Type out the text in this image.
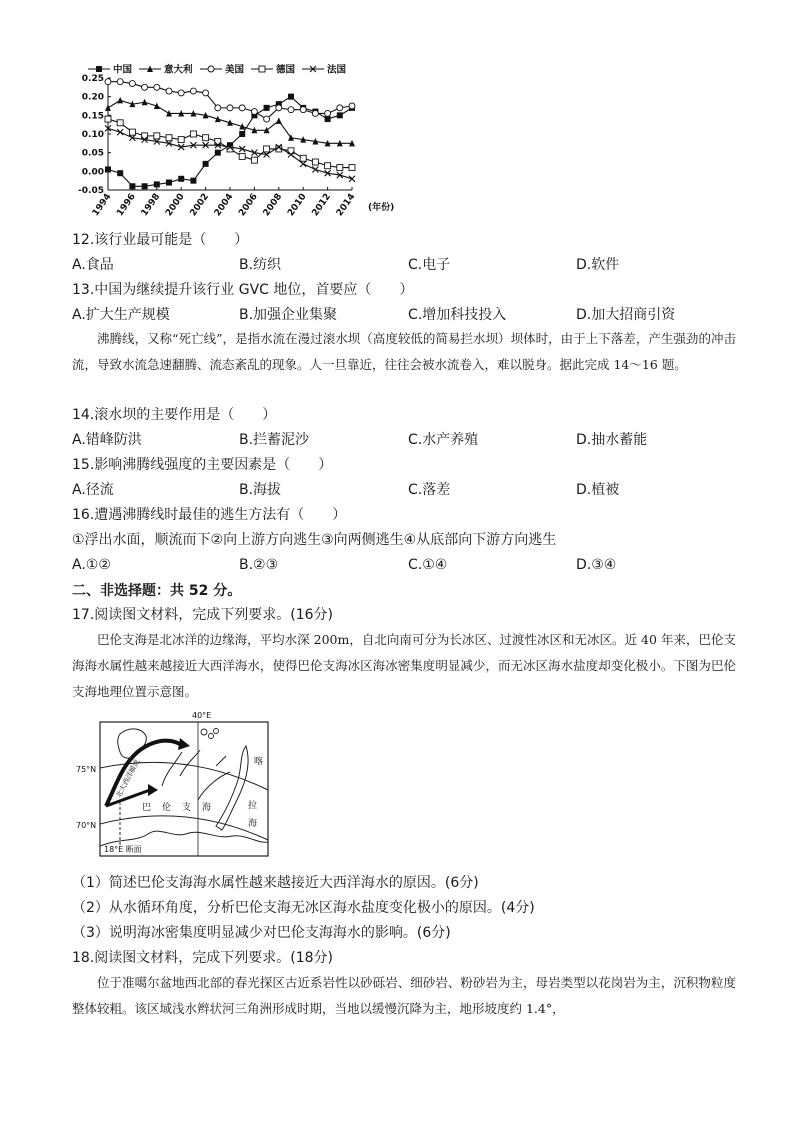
0.25
0.20
0.15
0.10
0.05
0.00
-0.05
1994 1996 1998 2000 2002 2004 2006 2008 2010 2012 2014 (年份)
中国	意大利	美国	德国	法国
12.该行业最可能是（　　）
A.食品	B.纺织	C.电子	D.软件
13.中国为继续提升该行业 GVC 地位，首要应（　　）
A.扩大生产规模	B.加强企业集聚	C.增加科技投入	D.加大招商引资
沸腾线，又称“死亡线”，是指水流在漫过滚水坝（高度较低的简易拦水坝）坝体时，由于上下落差，产生强劲的冲击流，导致水流急速翻腾、流态紊乱的现象。人一旦靠近，往往会被水流卷入，难以脱身。据此完成 14～16 题。
14.滚水坝的主要作用是（　　）
A.错峰防洪	B.拦蓄泥沙	C.水产养殖	D.抽水蓄能
15.影响沸腾线强度的主要因素是（　　）
A.径流	B.海拔	C.落差	D.植被
16.遭遇沸腾线时最佳的逃生方法有（　　）
①浮出水面，顺流而下②向上游方向逃生③向两侧逃生④从底部向下游方向逃生
A.①②	B.②③	C.①④	D.③④
二、非选择题：共 52 分。
17.阅读图文材料，完成下列要求。(16分)
巴伦支海是北冰洋的边缘海，平均水深 200m，自北向南可分为长冰区、过渡性冰区和无冰区。近 40 年来，巴伦支海海水属性越来越接近大西洋海水，使得巴伦支海冰区海冰密集度明显减少，而无冰区海水盐度却变化极小。下图为巴伦支海地理位置示意图。
40°E
75°N
70°N
巴 伦 支 海
喀
拉
海
18°E 断面
北大西洋暖流
（1）简述巴伦支海海水属性越来越接近大西洋海水的原因。(6分)
（2）从水循环角度，分析巴伦支海无冰区海水盐度变化极小的原因。(4分)
（3）说明海冰密集度明显减少对巴伦支海海水的影响。(6分)
18.阅读图文材料，完成下列要求。(18分)
位于准噶尔盆地西北部的春光探区古近系岩性以砂砾岩、细砂岩、粉砂岩为主，母岩类型以花岗岩为主，沉积物粒度整体较粗。该区域浅水辫状河三角洲形成时期，当地以缓慢沉降为主，地形坡度约 1.4°，
